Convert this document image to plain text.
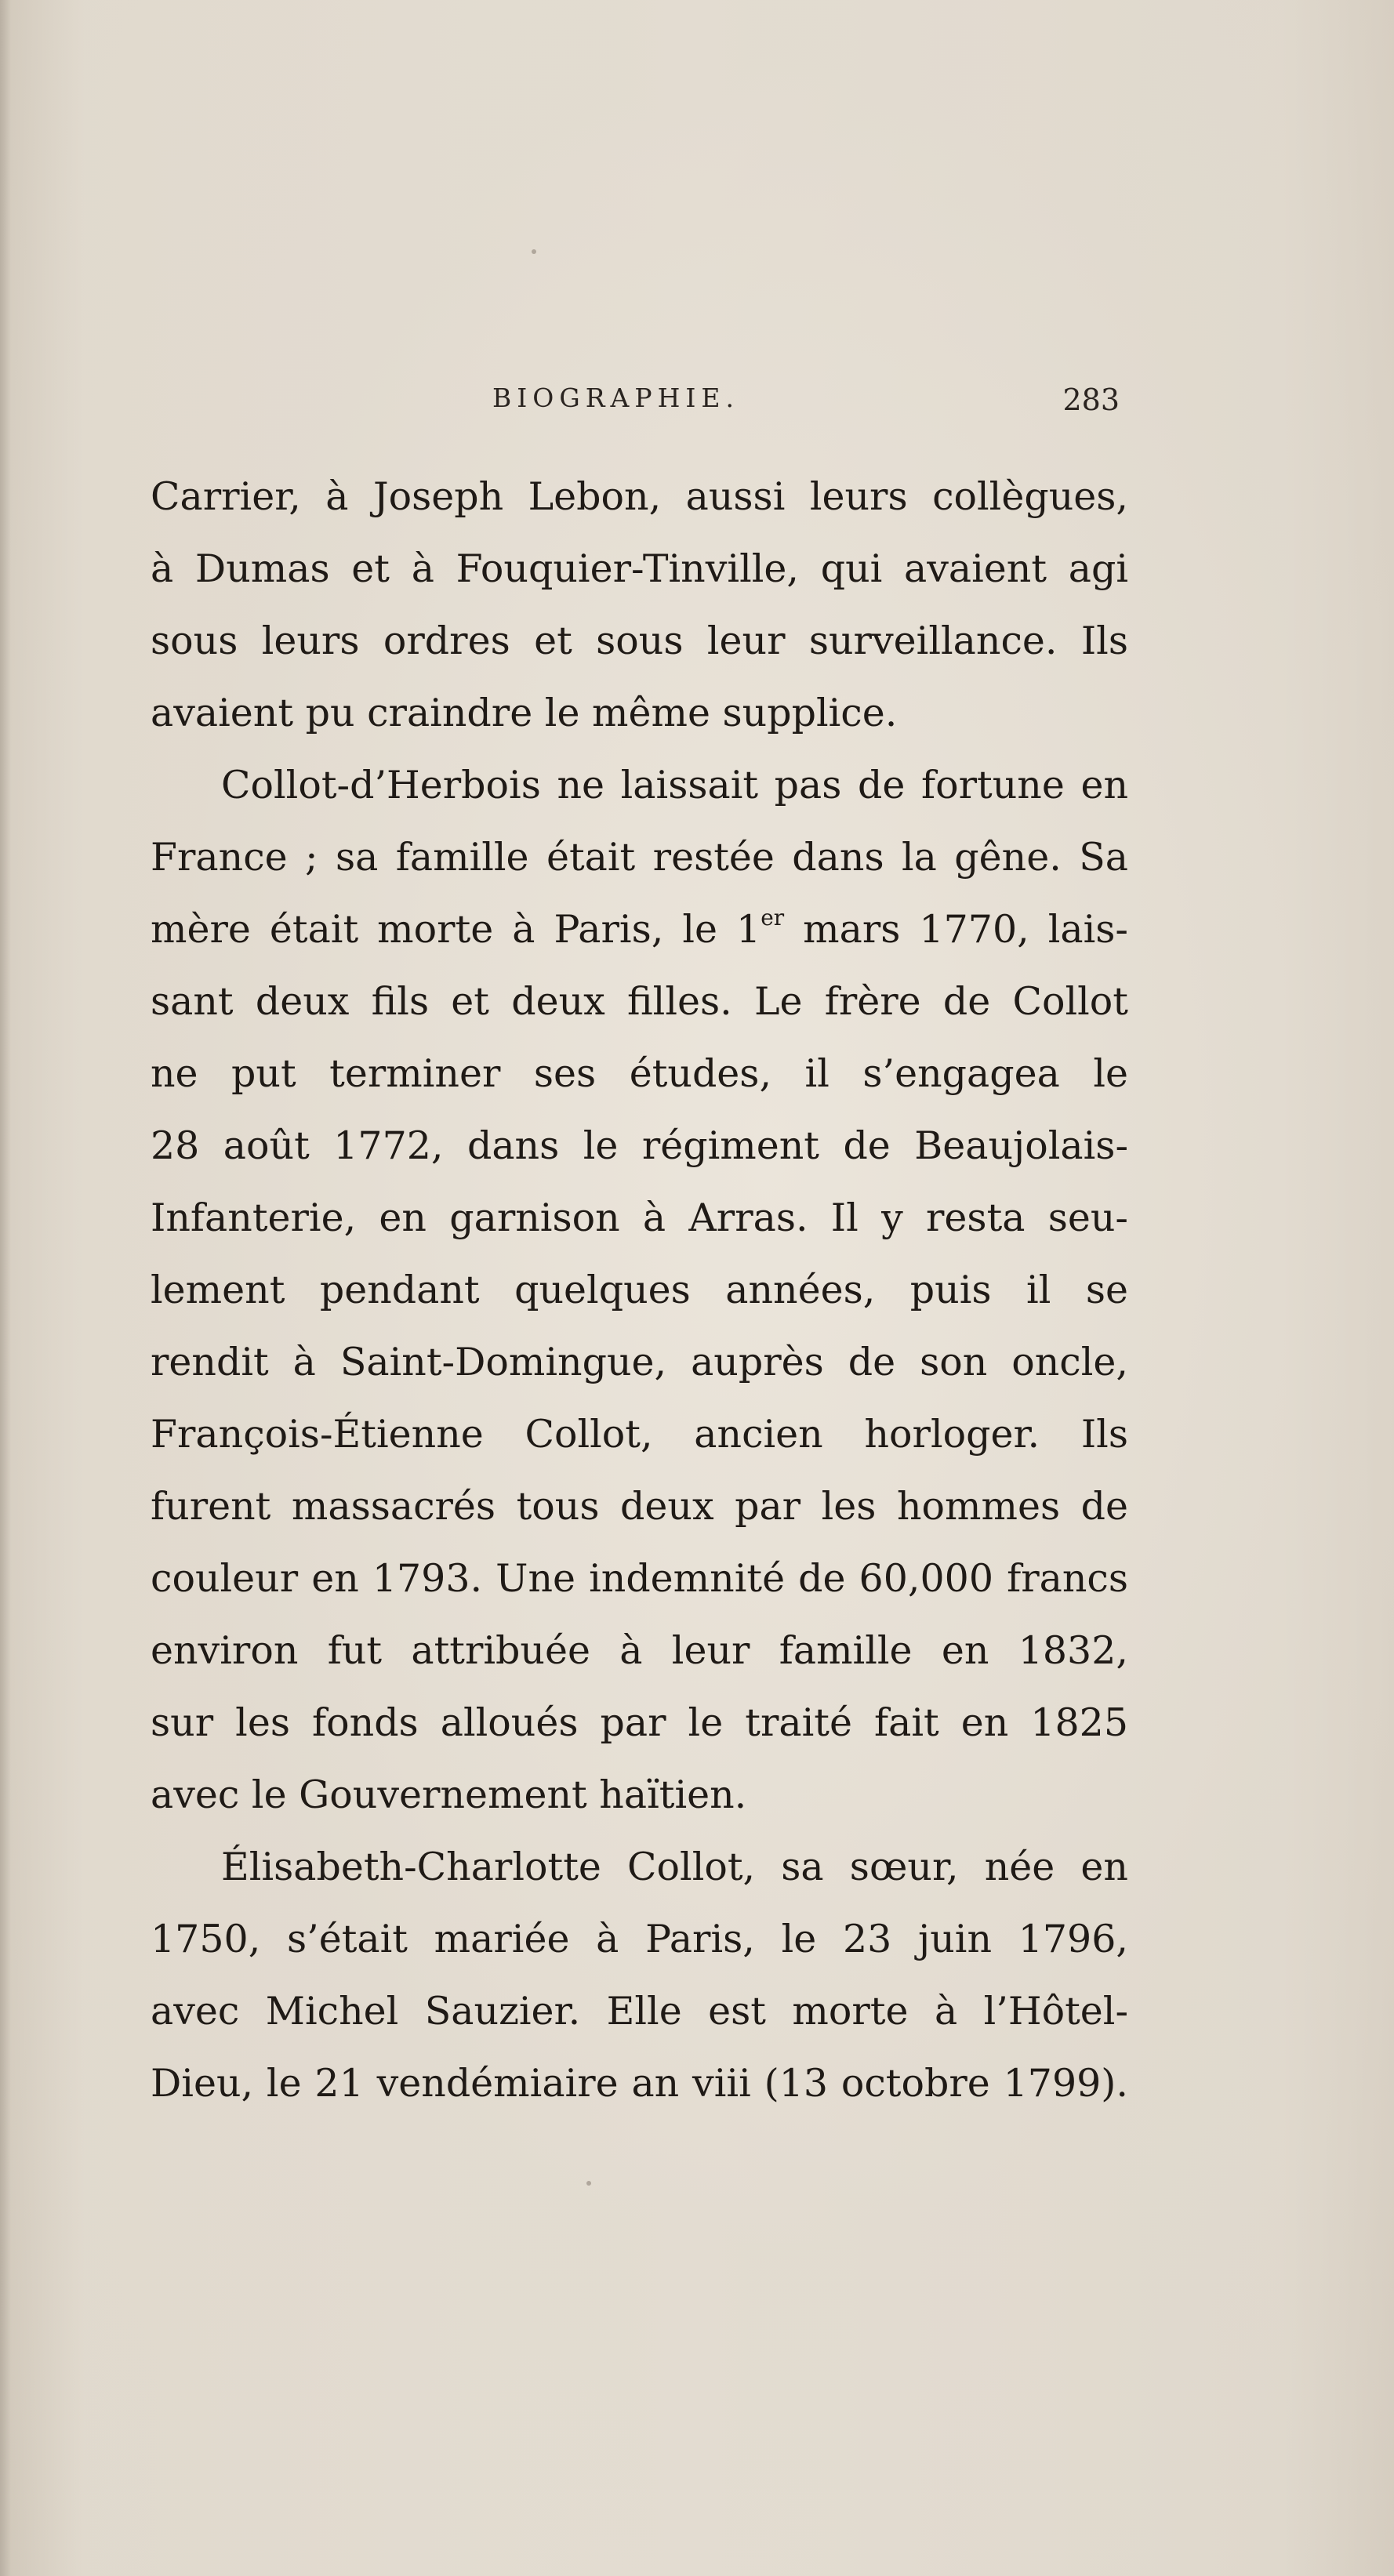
BIOGRAPHIE.	283
Carrier, à Joseph Lebon, aussi leurs collègues,
à Dumas et à Fouquier-Tinville, qui avaient agi
sous leurs ordres et sous leur surveillance. Ils
avaient pu craindre le même supplice.
Collot-d’Herbois ne laissait pas de fortune en
France ; sa famille était restée dans la gêne. Sa
mère était morte à Paris, le 1er mars 1770, lais-
sant deux fils et deux filles. Le frère de Collot
ne put terminer ses études, il s’engagea le
28 août 1772, dans le régiment de Beaujolais-
Infanterie, en garnison à Arras. Il y resta seu-
lement pendant quelques années, puis il se
rendit à Saint-Domingue, auprès de son oncle,
François-Étienne Collot, ancien horloger. Ils
furent massacrés tous deux par les hommes de
couleur en 1793. Une indemnité de 60,000 francs
environ fut attribuée à leur famille en 1832,
sur les fonds alloués par le traité fait en 1825
avec le Gouvernement haïtien.
Élisabeth-Charlotte Collot, sa sœur, née en
1750, s’était mariée à Paris, le 23 juin 1796,
avec Michel Sauzier. Elle est morte à l’Hôtel-
Dieu, le 21 vendémiaire an viii (13 octobre 1799).
